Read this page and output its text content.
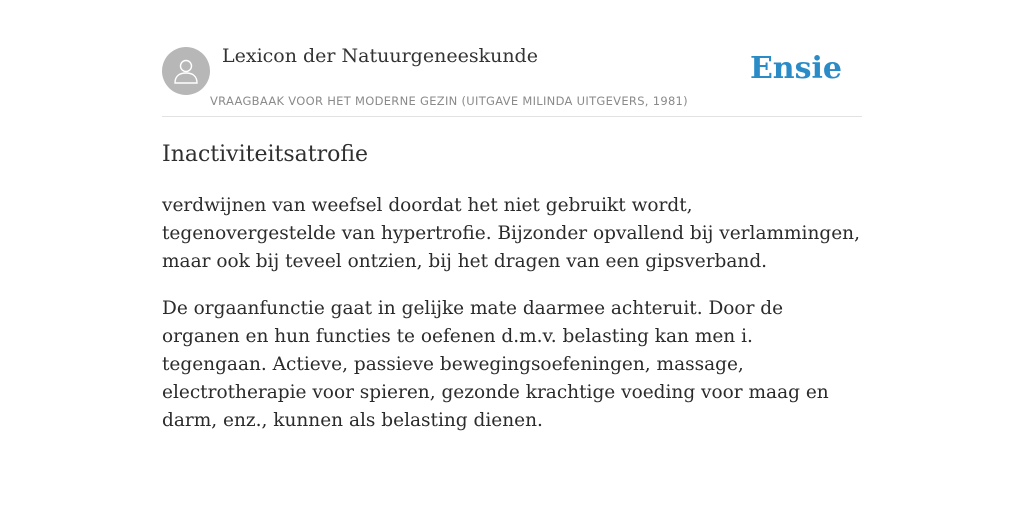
Lexicon der Natuurgeneeskunde
VRAAGBAAK VOOR HET MODERNE GEZIN (UITGAVE MILINDA UITGEVERS, 1981)
Ensie
Inactiviteitsatrofie

verdwijnen van weefsel doordat het niet gebruikt wordt, tegenovergestelde van hypertrofie. Bijzonder opvallend bij verlammingen, maar ook bij teveel ontzien, bij het dragen van een gipsverband.

De orgaanfunctie gaat in gelijke mate daarmee achteruit. Door de organen en hun functies te oefenen d.m.v. belasting kan men i. tegengaan. Actieve, passieve bewegingsoefeningen, massage, electrotherapie voor spieren, gezonde krachtige voeding voor maag en darm, enz., kunnen als belasting dienen.
